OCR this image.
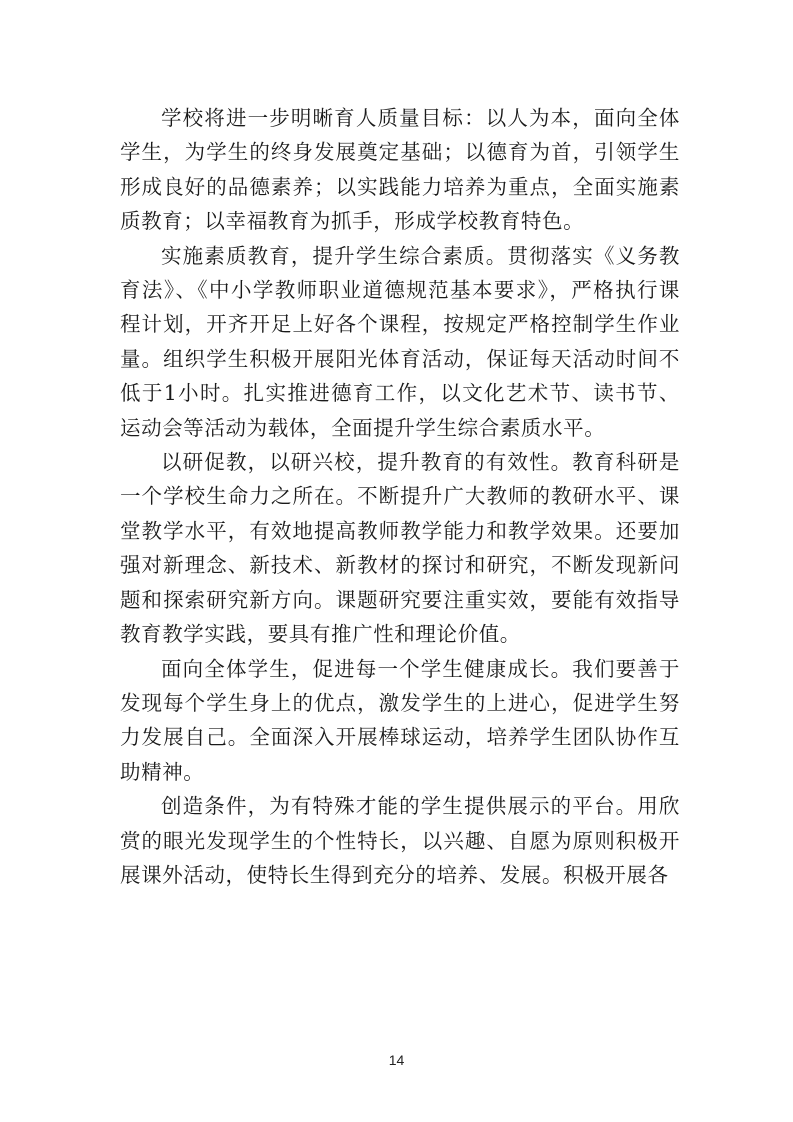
学校将进一步明晰育人质量目标：以人为本，面向全体学生，为学生的终身发展奠定基础；以德育为首，引领学生形成良好的品德素养；以实践能力培养为重点，全面实施素质教育；以幸福教育为抓手，形成学校教育特色。

实施素质教育，提升学生综合素质。贯彻落实《义务教育法》、《中小学教师职业道德规范基本要求》，严格执行课程计划，开齐开足上好各个课程，按规定严格控制学生作业量。组织学生积极开展阳光体育活动，保证每天活动时间不低于1小时。扎实推进德育工作，以文化艺术节、读书节、运动会等活动为载体，全面提升学生综合素质水平。

以研促教，以研兴校，提升教育的有效性。教育科研是一个学校生命力之所在。不断提升广大教师的教研水平、课堂教学水平，有效地提高教师教学能力和教学效果。还要加强对新理念、新技术、新教材的探讨和研究，不断发现新问题和探索研究新方向。课题研究要注重实效，要能有效指导教育教学实践，要具有推广性和理论价值。

面向全体学生，促进每一个学生健康成长。我们要善于发现每个学生身上的优点，激发学生的上进心，促进学生努力发展自己。全面深入开展棒球运动，培养学生团队协作互助精神。

创造条件，为有特殊才能的学生提供展示的平台。用欣赏的眼光发现学生的个性特长，以兴趣、自愿为原则积极开展课外活动，使特长生得到充分的培养、发展。积极开展各

14
